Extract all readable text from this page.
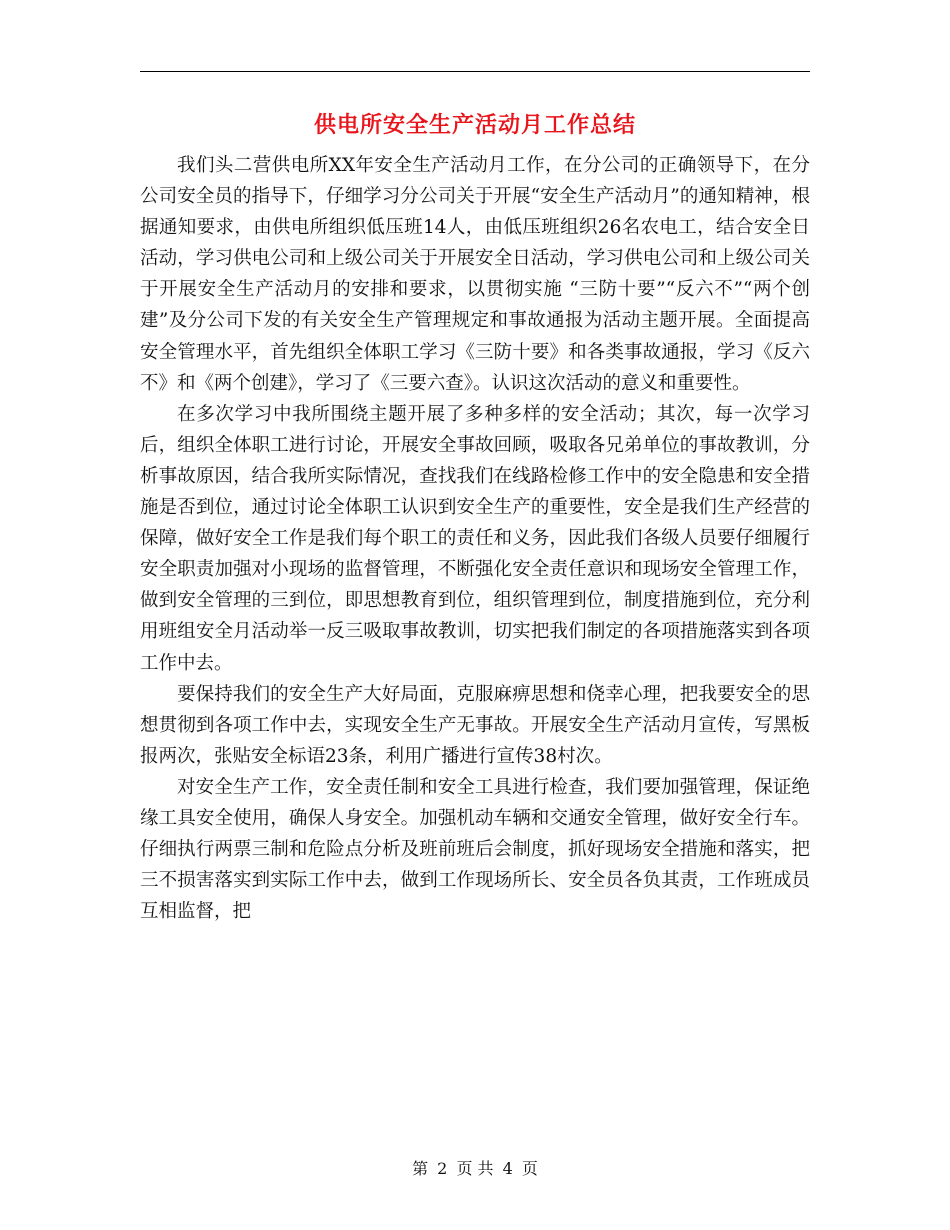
供电所安全生产活动月工作总结

我们头二营供电所XX年安全生产活动月工作，在分公司的正确领导下，在分公司安全员的指导下，仔细学习分公司关于开展“安全生产活动月”的通知精神，根据通知要求，由供电所组织低压班14人，由低压班组织26名农电工，结合安全日活动，学习供电公司和上级公司关于开展安全日活动，学习供电公司和上级公司关于开展安全生产活动月的安排和要求，以贯彻实施 “三防十要”“反六不”“两个创建”及分公司下发的有关安全生产管理规定和事故通报为活动主题开展。全面提高安全管理水平，首先组织全体职工学习《三防十要》和各类事故通报，学习《反六不》和《两个创建》，学习了《三要六查》。认识这次活动的意义和重要性。

在多次学习中我所围绕主题开展了多种多样的安全活动；其次，每一次学习后，组织全体职工进行讨论，开展安全事故回顾，吸取各兄弟单位的事故教训，分析事故原因，结合我所实际情况，查找我们在线路检修工作中的安全隐患和安全措施是否到位，通过讨论全体职工认识到安全生产的重要性，安全是我们生产经营的保障，做好安全工作是我们每个职工的责任和义务，因此我们各级人员要仔细履行安全职责加强对小现场的监督管理，不断强化安全责任意识和现场安全管理工作，做到安全管理的三到位，即思想教育到位，组织管理到位，制度措施到位，充分利用班组安全月活动举一反三吸取事故教训，切实把我们制定的各项措施落实到各项工作中去。

要保持我们的安全生产大好局面，克服麻痹思想和侥幸心理，把我要安全的思想贯彻到各项工作中去，实现安全生产无事故。开展安全生产活动月宣传，写黑板报两次，张贴安全标语23条，利用广播进行宣传38村次。

对安全生产工作，安全责任制和安全工具进行检查，我们要加强管理，保证绝缘工具安全使用，确保人身安全。加强机动车辆和交通安全管理，做好安全行车。仔细执行两票三制和危险点分析及班前班后会制度，抓好现场安全措施和落实，把三不损害落实到实际工作中去，做到工作现场所长、安全员各负其责，工作班成员互相监督，把

第 2 页 共 4 页
